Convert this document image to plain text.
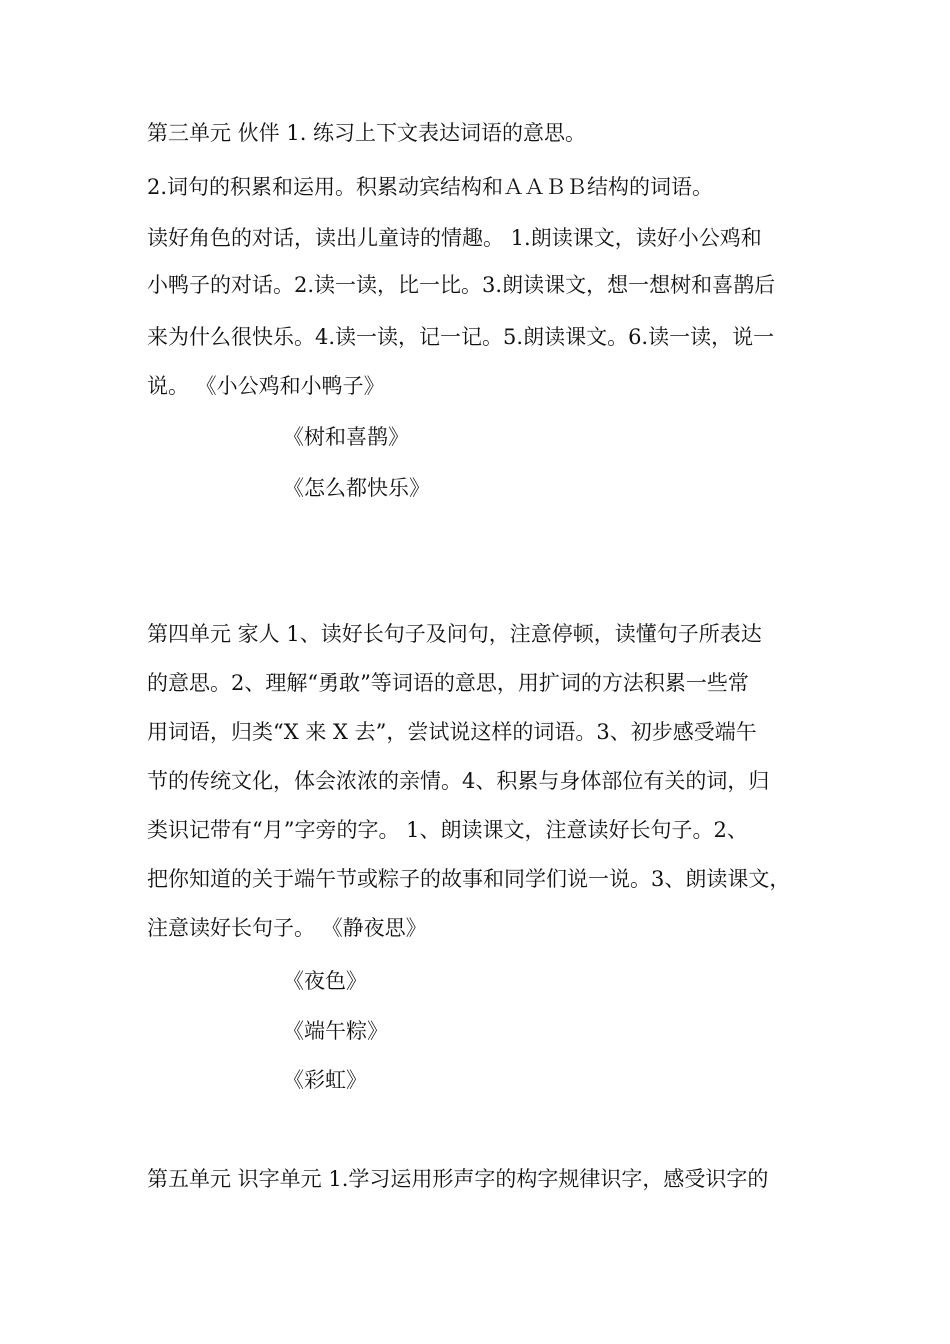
第三单元 伙伴 1. 练习上下文表达词语的意思。
2.词句的积累和运用。积累动宾结构和ＡＡＢＢ结构的词语。
读好角色的对话，读出儿童诗的情趣。 1.朗读课文，读好小公鸡和
小鸭子的对话。2.读一读，比一比。3.朗读课文，想一想树和喜鹊后
来为什么很快乐。4.读一读，记一记。5.朗读课文。6.读一读，说一
说。 《小公鸡和小鸭子》
《树和喜鹊》
《怎么都快乐》
第四单元 家人 1、读好长句子及问句，注意停顿，读懂句子所表达
的意思。2、理解“勇敢”等词语的意思，用扩词的方法积累一些常
用词语，归类“X 来 X 去”，尝试说这样的词语。3、初步感受端午
节的传统文化，体会浓浓的亲情。4、积累与身体部位有关的词，归
类识记带有“月”字旁的字。 1、朗读课文，注意读好长句子。2、
把你知道的关于端午节或粽子的故事和同学们说一说。3、朗读课文，
注意读好长句子。 《静夜思》
《夜色》
《端午粽》
《彩虹》
第五单元 识字单元 1.学习运用形声字的构字规律识字，感受识字的
